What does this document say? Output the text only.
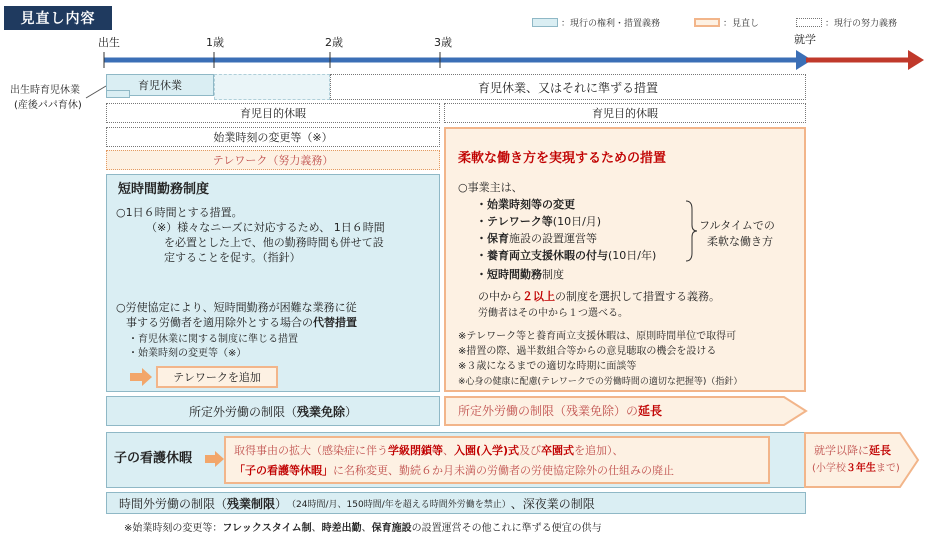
見直し内容	：現行の権利・措置義務	：見直し	：現行の努力義務
出生	1歳	2歳	3歳	就学
出生時育児休業
(産後パパ育休)
育児休業	育児休業、又はそれに準ずる措置
育児目的休暇	育児目的休暇
始業時刻の変更等（※）
テレワーク（努力義務）
短時間勤務制度
○1日６時間とする措置。
（※）様々なニーズに対応するため、 1日６時間
を必置とした上で、他の勤務時間も併せて設
定することを促す。（指針）
○労使協定により、短時間勤務が困難な業務に従
事する労働者を適用除外とする場合の代替措置
・育児休業に関する制度に準じる措置
・始業時刻の変更等（※）
テレワークを追加
柔軟な働き方を実現するための措置
○事業主は、
・始業時刻等の変更
・テレワーク等(10日/月)
・保育施設の設置運営等
・養育両立支援休暇の付与(10日/年)
・短時間勤務制度
フルタイムでの
柔軟な働き方
の中から２以上の制度を選択して措置する義務。
労働者はその中から１つ選べる。
※テレワーク等と養育両立支援休暇は、原則時間単位で取得可
※措置の際、過半数組合等からの意見聴取の機会を設ける
※３歳になるまでの適切な時期に面談等
※心身の健康に配慮(テレワークでの労働時間の適切な把握等)（指針）
所定外労働の制限（ 残業免除 ）	所定外労働の制限（残業免除）の延長
子の看護休暇
取得事由の拡大（感染症に伴う学級閉鎖等、入園(入学)式及び卒園式を追加）、
「子の看護等休暇」に名称変更、勤続６か月未満の労働者の労使協定除外の仕組みの廃止
就学以降に延長
(小学校３年生まで)
時間外労働の制限（ 残業制限 ） （24時間/月、150時間/年を超える時間外労働を禁止） 、深夜業の制限
※始業時刻の変更等：フレックスタイム制、時差出勤、保育施設の設置運営その他これに準ずる便宜の供与
